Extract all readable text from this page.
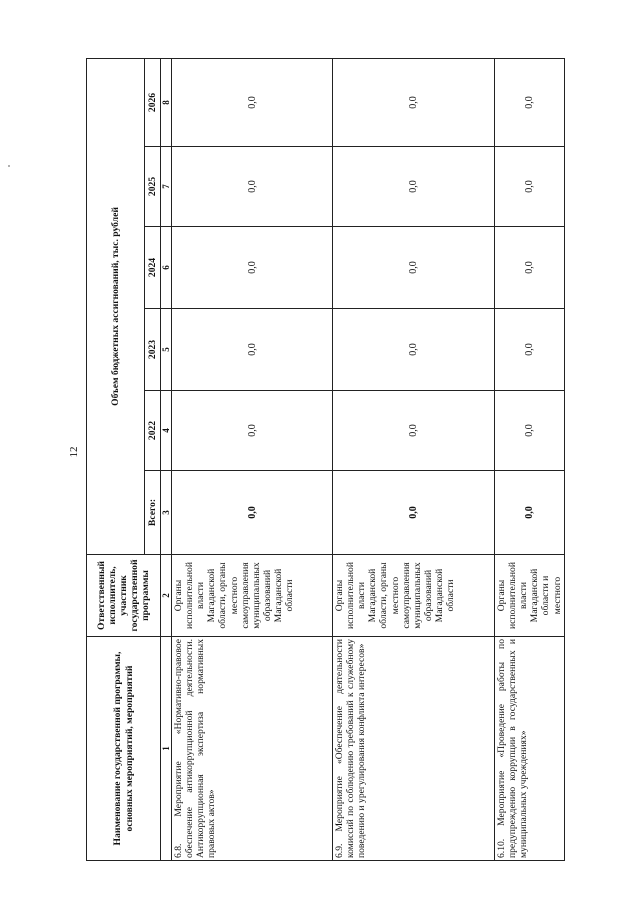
12
Наименование государственной программы, основных мероприятий, мероприятий	Ответственный исполнитель, участник государственной программы	Объем бюджетных ассигнований, тыс. рублей					
		Всего:	2022	2023	2024	2025	2026
1	2	3	4	5	6	7	8
6.8. Мероприятие «Нормативно-правовое обеспечение антикоррупционной деятельности. Антикоррупционная экспертиза нормативных правовых актов»	Органы исполнительной власти Магаданской области, органы местного самоуправления муниципальных образований Магаданской области	0,0	0,0	0,0	0,0	0,0	0,0
6.9. Мероприятие «Обеспечение деятельности комиссий по соблюдению требований к служебному поведению и урегулирования конфликта интересов»	Органы исполнительной власти Магаданской области, органы местного самоуправления муниципальных образований Магаданской области	0,0	0,0	0,0	0,0	0,0	0,0
6.10. Мероприятие «Проведение работы по предупреждению коррупции в государственных и муниципальных учреждениях»	Органы исполнительной власти Магаданской области и местного	0,0	0,0	0,0	0,0	0,0	0,0
